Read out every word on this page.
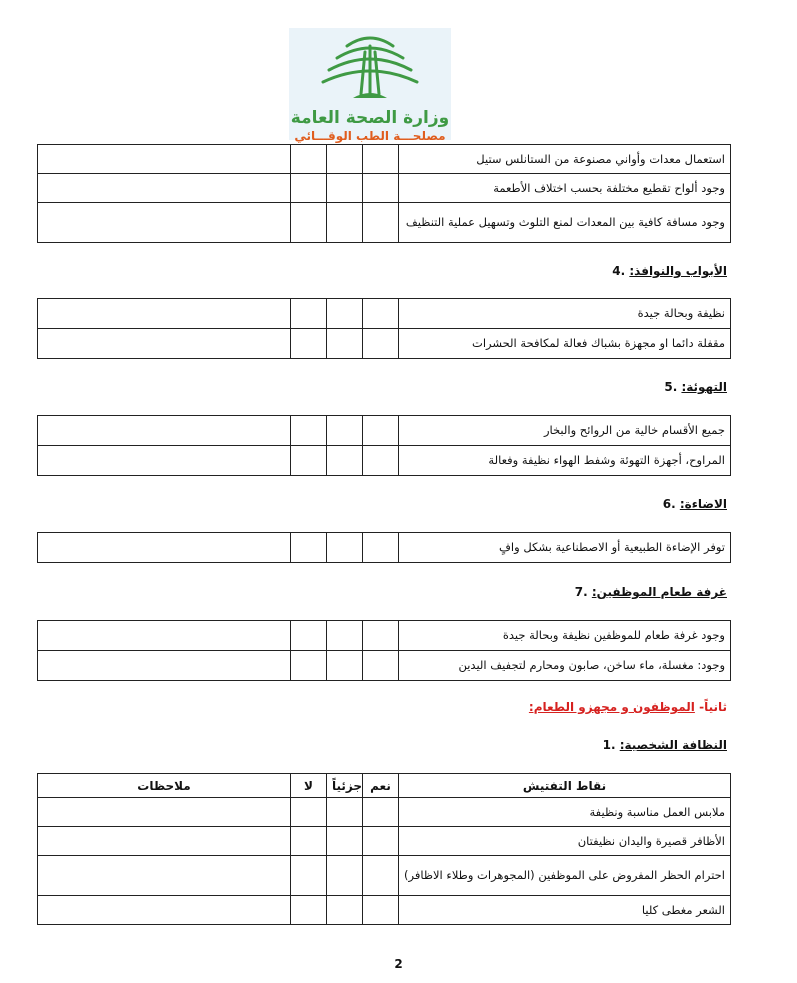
وزارة الصحة العامة
مصلحـــة الطب الوقـــائي
				استعمال معدات وأواني مصنوعة من الستانلس ستيل
				وجود ألواح تقطيع مختلفة بحسب اختلاف الأطعمة
				وجود مسافة كافية بين المعدات لمنع التلوث وتسهيل عملية التنظيف
الأبواب والنوافذ: .4
				نظيفة وبحالة جيدة
				مقفلة دائما او مجهزة بشباك فعالة لمكافحة الحشرات
التهوئة: .5
				جميع الأقسام خالية من الروائح والبخار
				المراوح، أجهزة التهوئة وشفط الهواء نظيفة وفعالة
الاضاءة: .6
				توفر الإضاءة الطبيعية أو الاصطناعية بشكل وافٍ
غرفة طعام الموظفين: .7
				وجود غرفة طعام للموظفين نظيفة وبحالة جيدة
				وجود: مغسلة، ماء ساخن، صابون ومحارم لتجفيف اليدين
ثانياً- الموظفون و مجهزو الطعام:
النظافة الشخصية: .1
ملاحظات	لا	جزئياً	نعم	نقاط التفتيش
				ملابس العمل مناسبة ونظيفة
				الأظافر قصيرة واليدان نظيفتان
				احترام الحظر المفروض على الموظفين (المجوهرات وطلاء الاظافر)
				الشعر مغطى كليا
2
